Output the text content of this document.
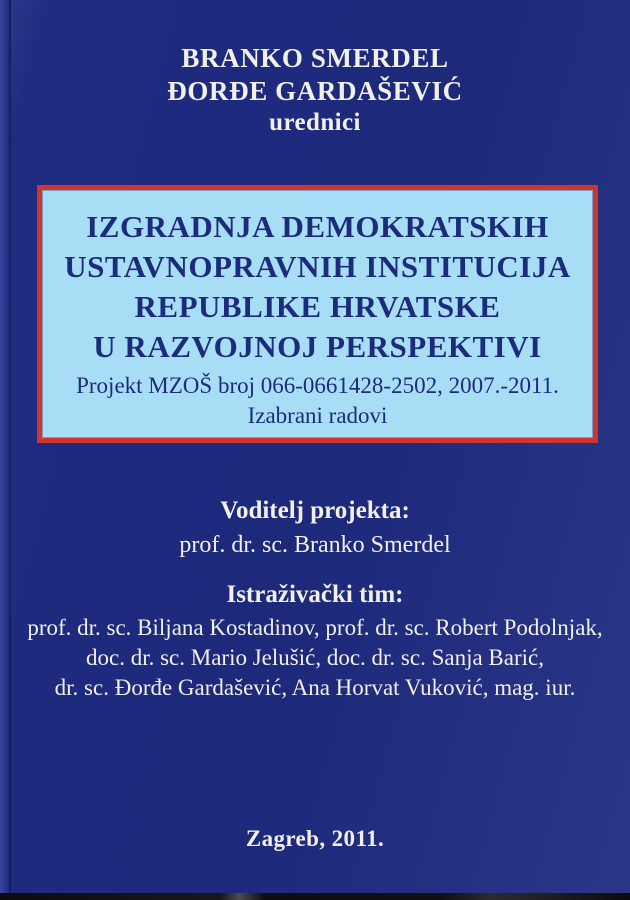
BRANKO SMERDEL
ĐORĐE GARDAŠEVIĆ
urednici
IZGRADNJA DEMOKRATSKIH
USTAVNOPRAVNIH INSTITUCIJA
REPUBLIKE HRVATSKE
U RAZVOJNOJ PERSPEKTIVI
Projekt MZOŠ broj 066-0661428-2502, 2007.-2011.
Izabrani radovi
Voditelj projekta:
prof. dr. sc. Branko Smerdel
Istraživački tim:
prof. dr. sc. Biljana Kostadinov, prof. dr. sc. Robert Podolnjak,
doc. dr. sc. Mario Jelušić, doc. dr. sc. Sanja Barić,
dr. sc. Đorđe Gardašević, Ana Horvat Vuković, mag. iur.
Zagreb, 2011.
